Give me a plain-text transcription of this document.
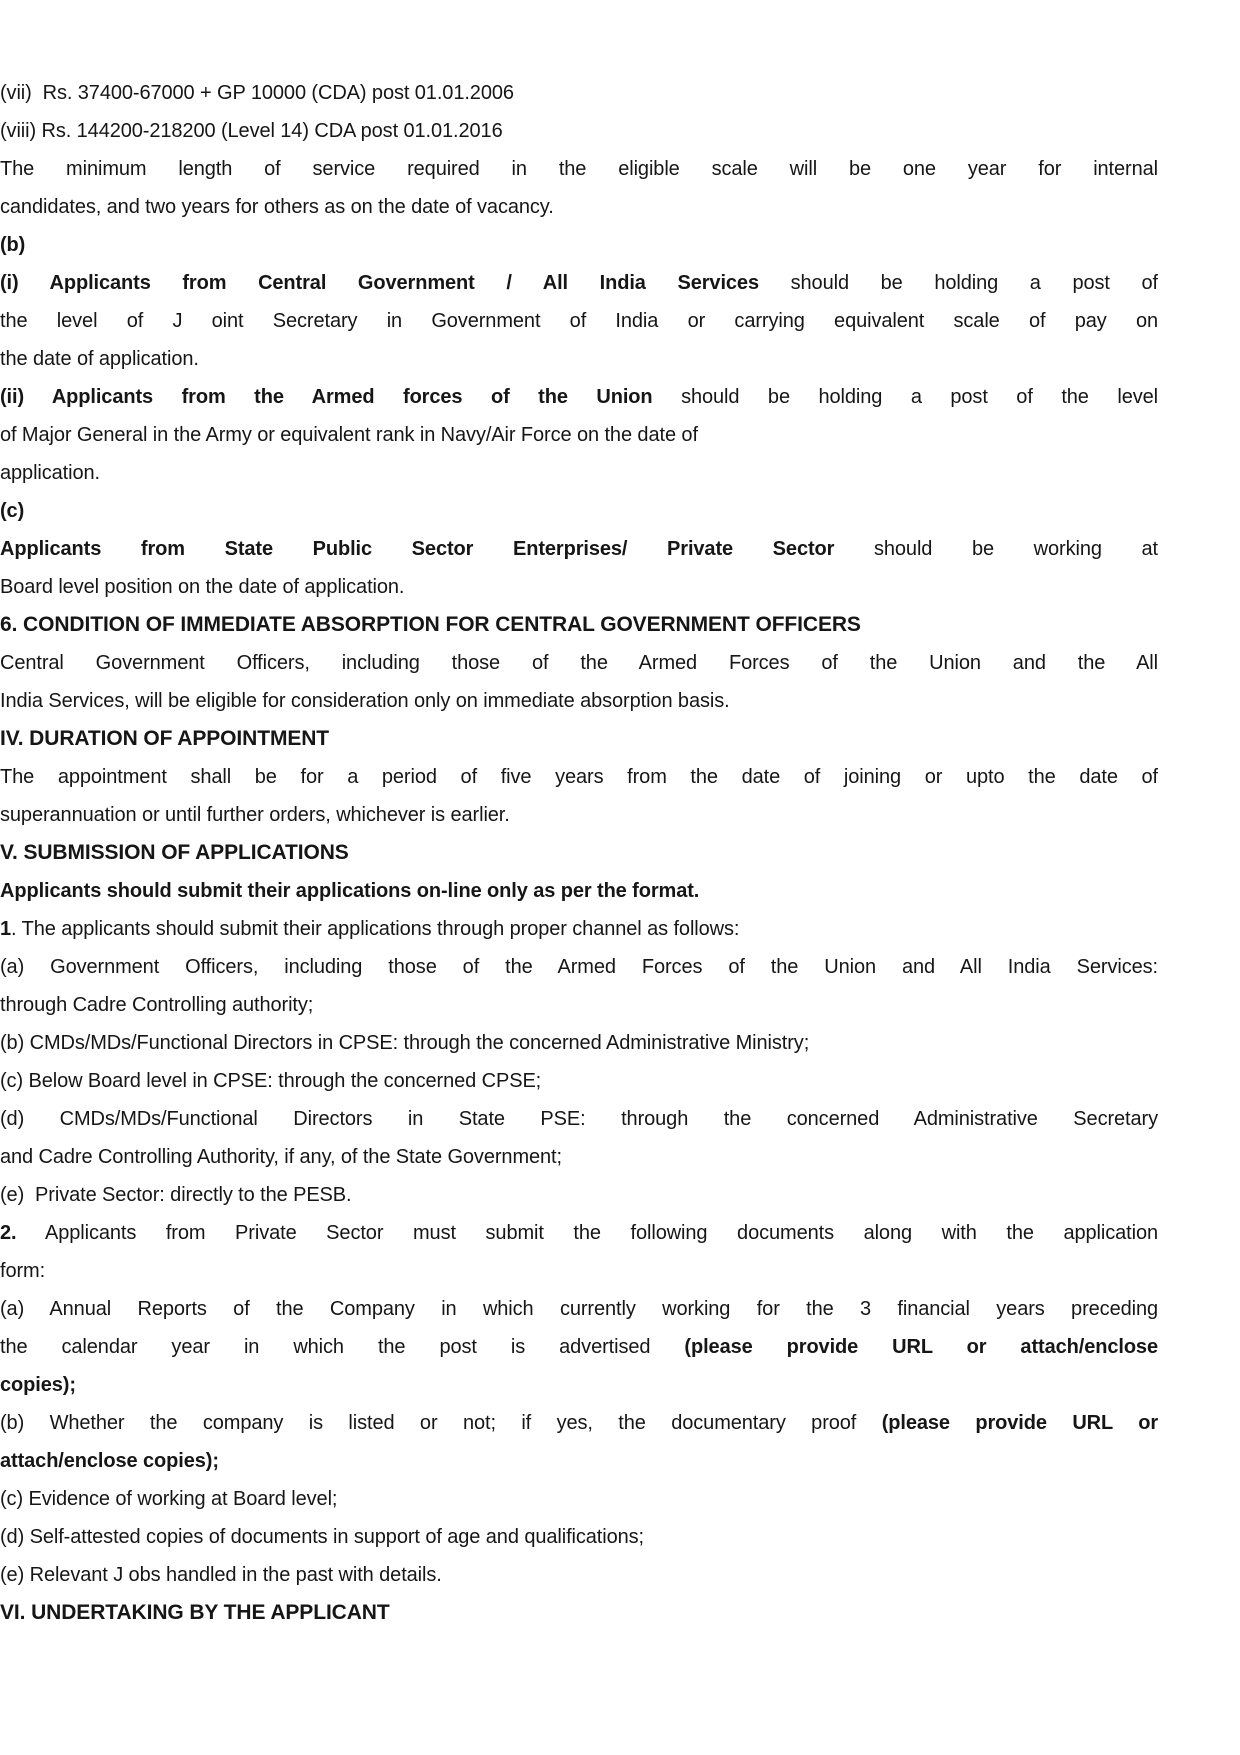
(vii)  Rs. 37400-67000 + GP 10000 (CDA) post 01.01.2006

(viii) Rs. 144200-218200 (Level 14) CDA post 01.01.2016

The minimum length of service required in the eligible scale will be one year for internal
candidates, and two years for others as on the date of vacancy.

(b)

(i) Applicants from Central Government / All India Services should be holding a post of
the level of J oint Secretary in Government of India or carrying equivalent scale of pay on
the date of application.

(ii) Applicants from the Armed forces of the Union should be holding a post of the level
of Major General in the Army or equivalent rank in Navy/Air Force on the date of
application.

(c)

Applicants from State Public Sector Enterprises/ Private Sector should be working at
Board level position on the date of application.

6. CONDITION OF IMMEDIATE ABSORPTION FOR CENTRAL GOVERNMENT OFFICERS

Central Government Officers, including those of the Armed Forces of the Union and the All
India Services, will be eligible for consideration only on immediate absorption basis.

IV. DURATION OF APPOINTMENT

The appointment shall be for a period of five years from the date of joining or upto the date of
superannuation or until further orders, whichever is earlier.

V. SUBMISSION OF APPLICATIONS

Applicants should submit their applications on-line only as per the format.

1. The applicants should submit their applications through proper channel as follows:

(a) Government Officers, including those of the Armed Forces of the Union and All India Services:
through Cadre Controlling authority;

(b) CMDs/MDs/Functional Directors in CPSE: through the concerned Administrative Ministry;

(c) Below Board level in CPSE: through the concerned CPSE;

(d) CMDs/MDs/Functional Directors in State PSE: through the concerned Administrative Secretary
and Cadre Controlling Authority, if any, of the State Government;

(e)  Private Sector: directly to the PESB.

2. Applicants from Private Sector must submit the following documents along with the application
form:

(a) Annual Reports of the Company in which currently working for the 3 financial years preceding
the calendar year in which the post is advertised (please provide URL or attach/enclose
copies);

(b) Whether the company is listed or not; if yes, the documentary proof (please provide URL or
attach/enclose copies);

(c) Evidence of working at Board level;

(d) Self-attested copies of documents in support of age and qualifications;

(e) Relevant J obs handled in the past with details.

VI. UNDERTAKING BY THE APPLICANT
